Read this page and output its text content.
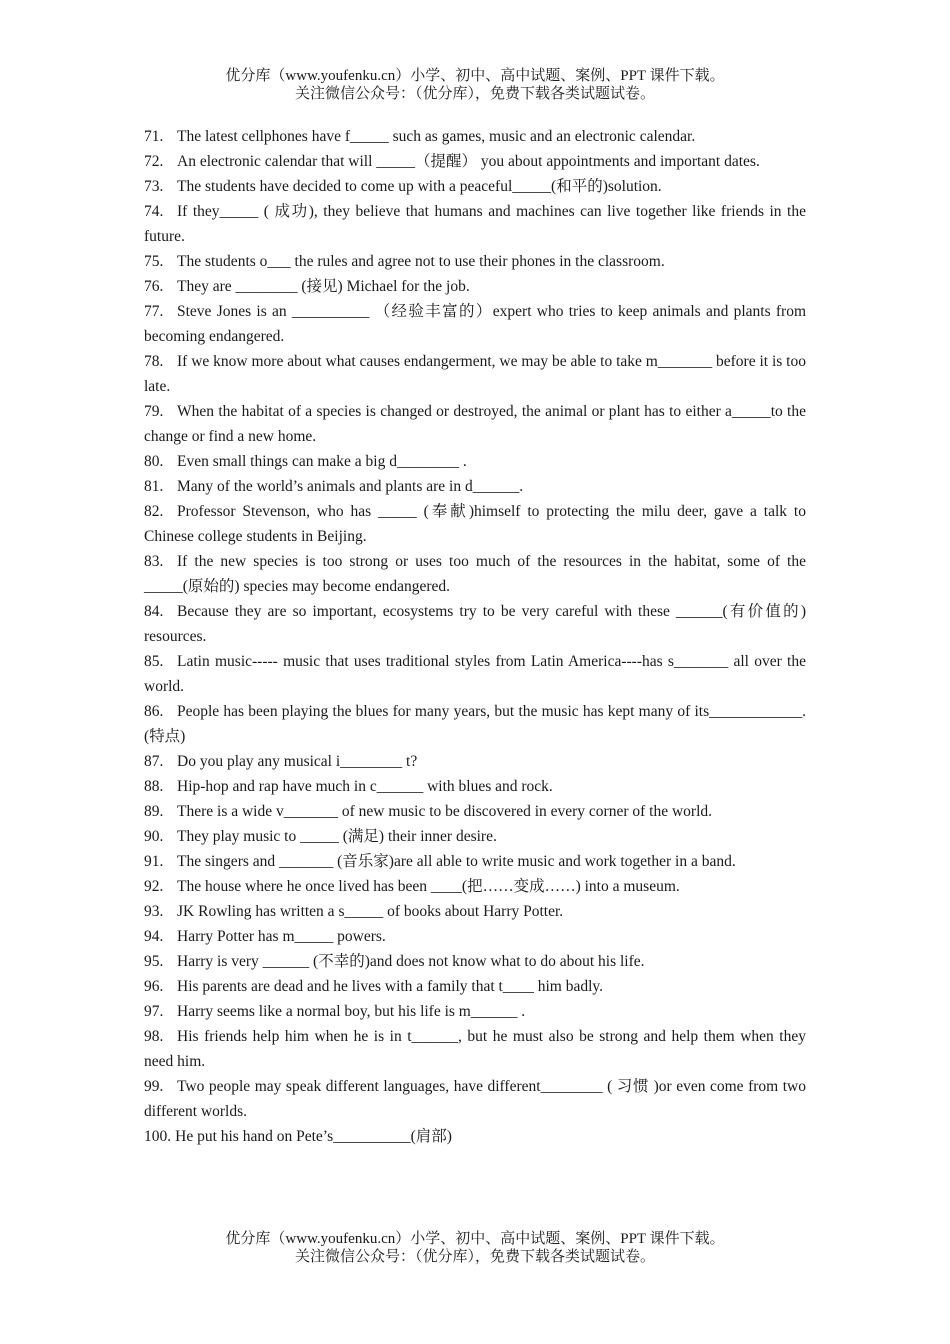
优分库（www.youfenku.cn）小学、初中、高中试题、案例、PPT 课件下载。
关注微信公众号：（优分库），免费下载各类试题试卷。
71. The latest cellphones have f_____ such as games, music and an electronic calendar.
72. An electronic calendar that will _____（提醒） you about appointments and important dates.
73. The students have decided to come up with a peaceful_____(和平的)solution.
74. If they_____ ( 成功), they believe that humans and machines can live together like friends in the future.
75. The students o___ the rules and agree not to use their phones in the classroom.
76. They are ________ (接见) Michael for the job.
77. Steve Jones is an __________ （经验丰富的）expert who tries to keep animals and plants from becoming endangered.
78. If we know more about what causes endangerment, we may be able to take m_______ before it is too late.
79. When the habitat of a species is changed or destroyed, the animal or plant has to either a_____to the change or find a new home.
80. Even small things can make a big d________ .
81. Many of the world’s animals and plants are in d______.
82. Professor Stevenson, who has _____ (奉献)himself to protecting the milu deer, gave a talk to Chinese college students in Beijing.
83. If the new species is too strong or uses too much of the resources in the habitat, some of the _____(原始的) species may become endangered.
84. Because they are so important, ecosystems try to be very careful with these ______(有价值的) resources.
85. Latin music----- music that uses traditional styles from Latin America----has s_______ all over the world.
86. People has been playing the blues for many years, but the music has kept many of its____________.(特点)
87. Do you play any musical i________ t?
88. Hip-hop and rap have much in c______ with blues and rock.
89. There is a wide v_______ of new music to be discovered in every corner of the world.
90. They play music to _____ (满足) their inner desire.
91. The singers and _______ (音乐家)are all able to write music and work together in a band.
92. The house where he once lived has been ____(把……变成……) into a museum.
93. JK Rowling has written a s_____ of books about Harry Potter.
94. Harry Potter has m_____ powers.
95. Harry is very ______ (不幸的)and does not know what to do about his life.
96. His parents are dead and he lives with a family that t____ him badly.
97. Harry seems like a normal boy, but his life is m______ .
98. His friends help him when he is in t______, but he must also be strong and help them when they need him.
99. Two people may speak different languages, have different________ ( 习惯 )or even come from two different worlds.
100. He put his hand on Pete’s__________(肩部)
优分库（www.youfenku.cn）小学、初中、高中试题、案例、PPT 课件下载。
关注微信公众号：（优分库），免费下载各类试题试卷。
